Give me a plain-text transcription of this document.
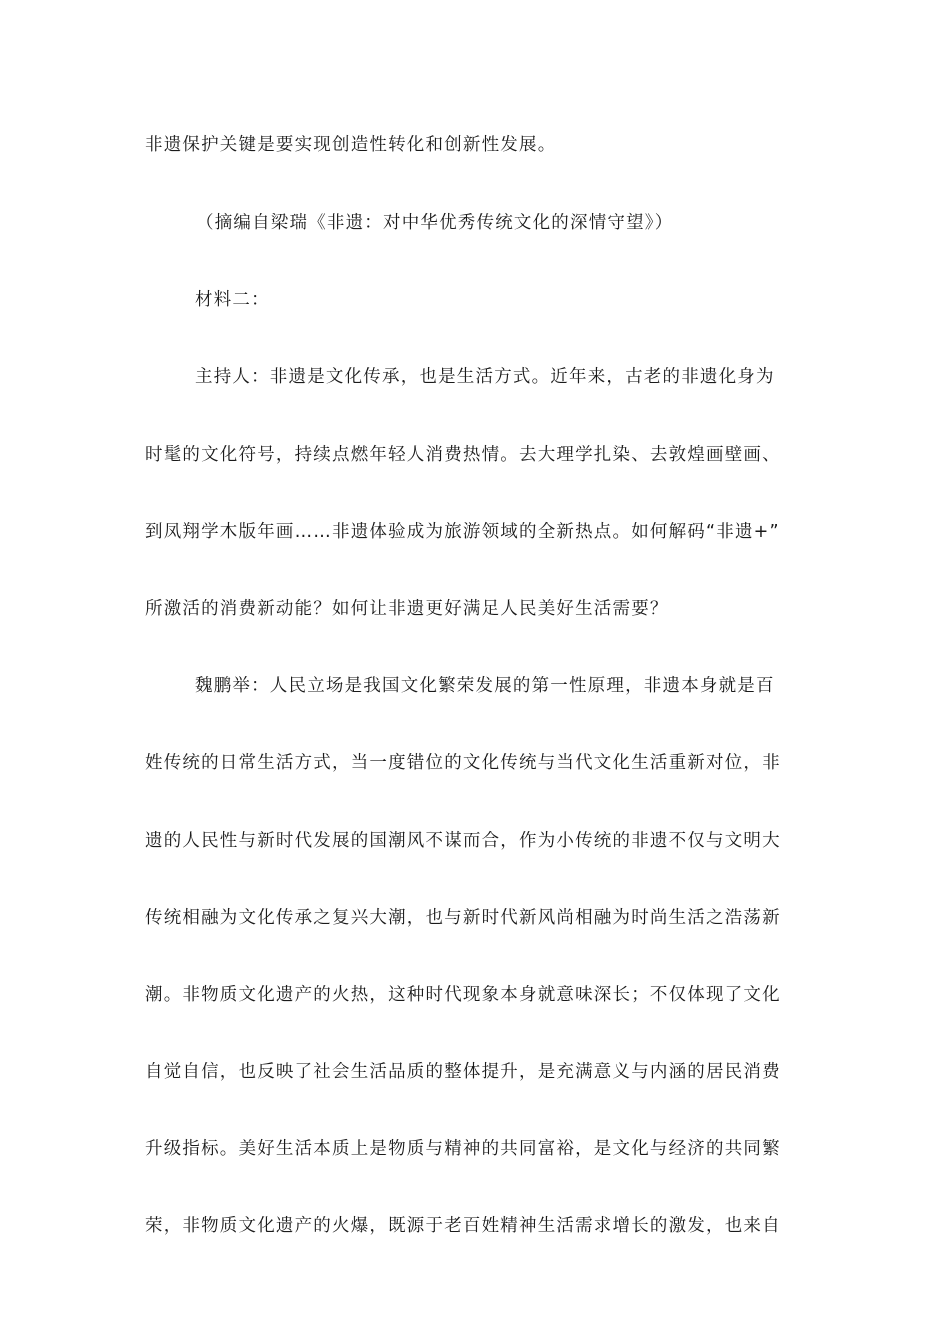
非遗保护关键是要实现创造性转化和创新性发展。
（摘编自梁瑞《非遗：对中华优秀传统文化的深情守望》）
材料二：
主持人：非遗是文化传承，也是生活方式。近年来，古老的非遗化身为
时髦的文化符号，持续点燃年轻人消费热情。去大理学扎染、去敦煌画壁画、
到凤翔学木版年画……非遗体验成为旅游领域的全新热点。如何解码“非遗+”
所激活的消费新动能？如何让非遗更好满足人民美好生活需要？
魏鹏举：人民立场是我国文化繁荣发展的第一性原理，非遗本身就是百
姓传统的日常生活方式，当一度错位的文化传统与当代文化生活重新对位，非
遗的人民性与新时代发展的国潮风不谋而合，作为小传统的非遗不仅与文明大
传统相融为文化传承之复兴大潮，也与新时代新风尚相融为时尚生活之浩荡新
潮。非物质文化遗产的火热，这种时代现象本身就意味深长；不仅体现了文化
自觉自信，也反映了社会生活品质的整体提升，是充满意义与内涵的居民消费
升级指标。美好生活本质上是物质与精神的共同富裕，是文化与经济的共同繁
荣，非物质文化遗产的火爆，既源于老百姓精神生活需求增长的激发，也来自
